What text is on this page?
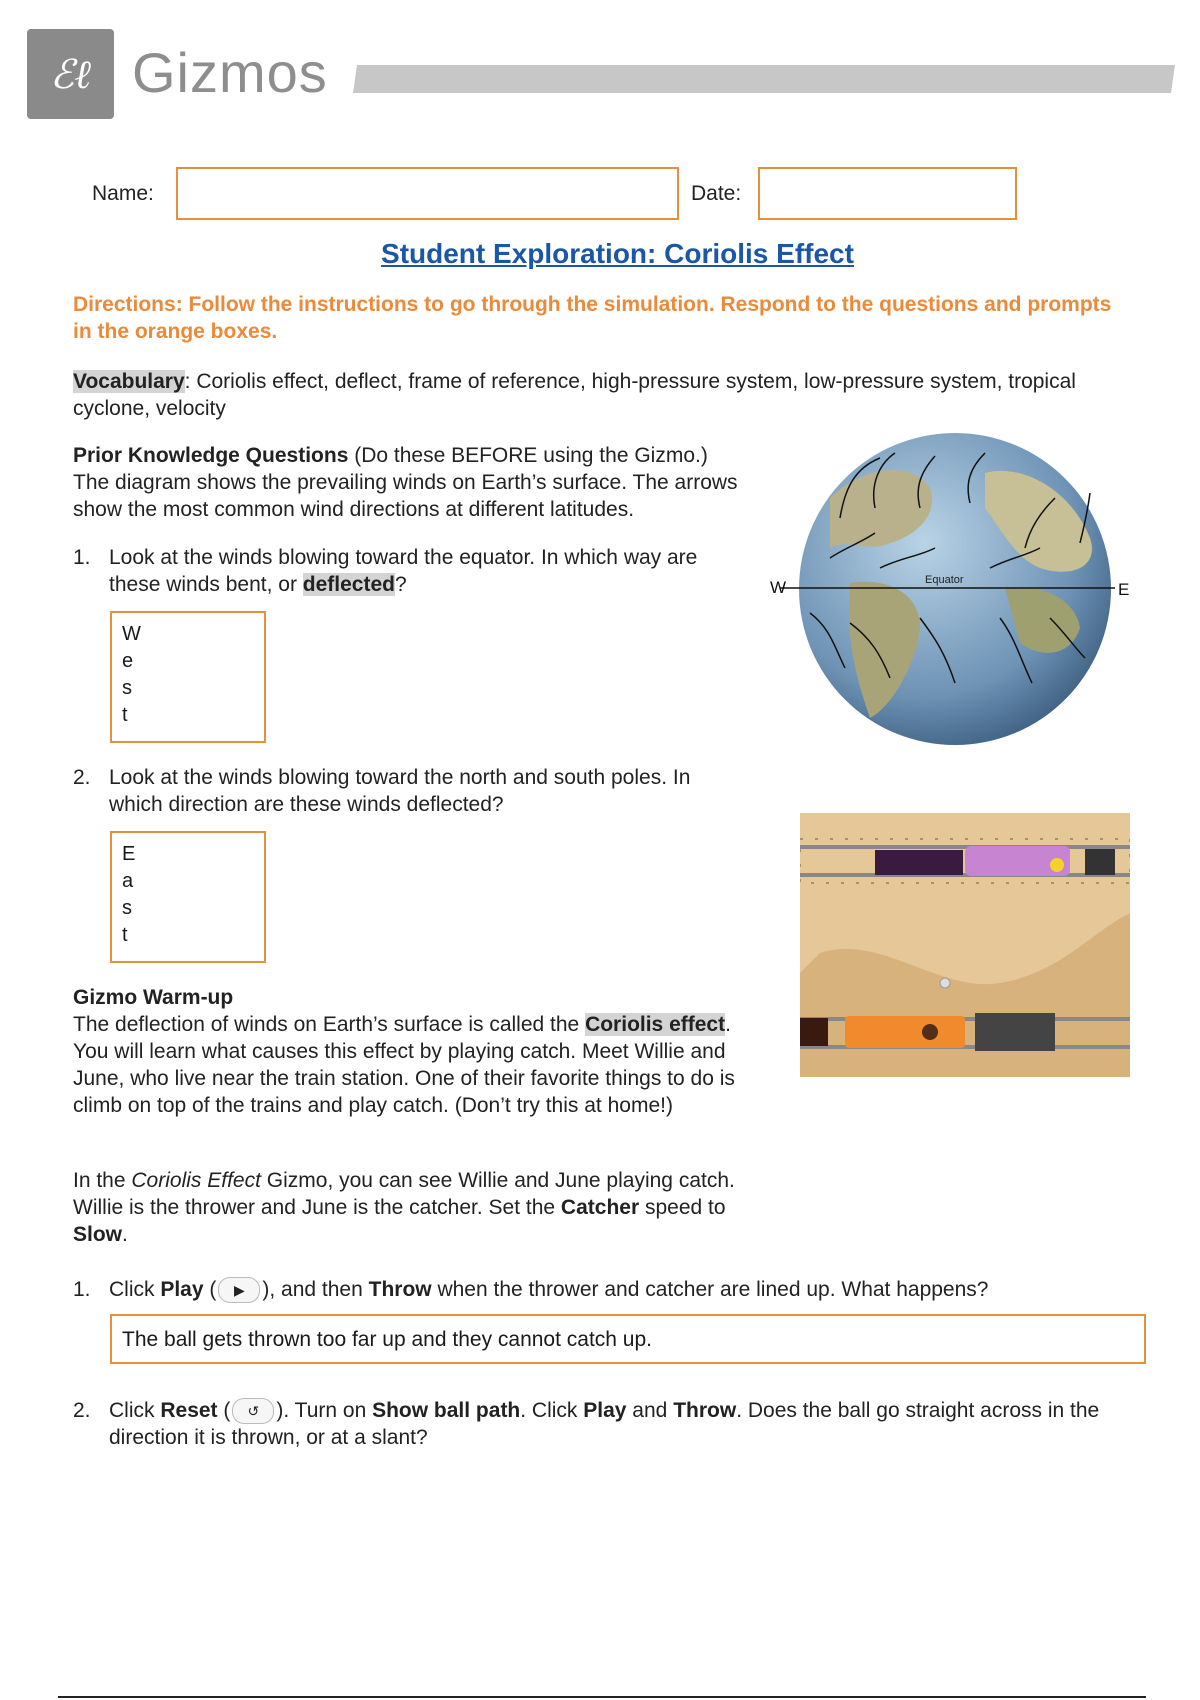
ℰℓ Gizmos
Name:	Date:
Student Exploration: Coriolis Effect
Directions: Follow the instructions to go through the simulation. Respond to the questions and prompts in the orange boxes.
Vocabulary: Coriolis effect, deflect, frame of reference, high-pressure system, low-pressure system, tropical cyclone, velocity
Prior Knowledge Questions (Do these BEFORE using the Gizmo.)
The diagram shows the prevailing winds on Earth’s surface. The arrows show the most common wind directions at different latitudes.
1. Look at the winds blowing toward the equator. In which way are these winds bent, or deflected?
W
e
s
t
2. Look at the winds blowing toward the north and south poles. In which direction are these winds deflected?
E
a
s
t
W	E
Equator
Gizmo Warm-up
The deflection of winds on Earth’s surface is called the Coriolis effect. You will learn what causes this effect by playing catch. Meet Willie and June, who live near the train station. One of their favorite things to do is climb on top of the trains and play catch. (Don’t try this at home!)
In the Coriolis Effect Gizmo, you can see Willie and June playing catch. Willie is the thrower and June is the catcher. Set the Catcher speed to Slow.
1. Click Play ( ▶ ), and then Throw when the thrower and catcher are lined up. What happens?
The ball gets thrown too far up and they cannot catch up.
2. Click Reset ( ↺ ). Turn on Show ball path. Click Play and Throw. Does the ball go straight across in the direction it is thrown, or at a slant?
